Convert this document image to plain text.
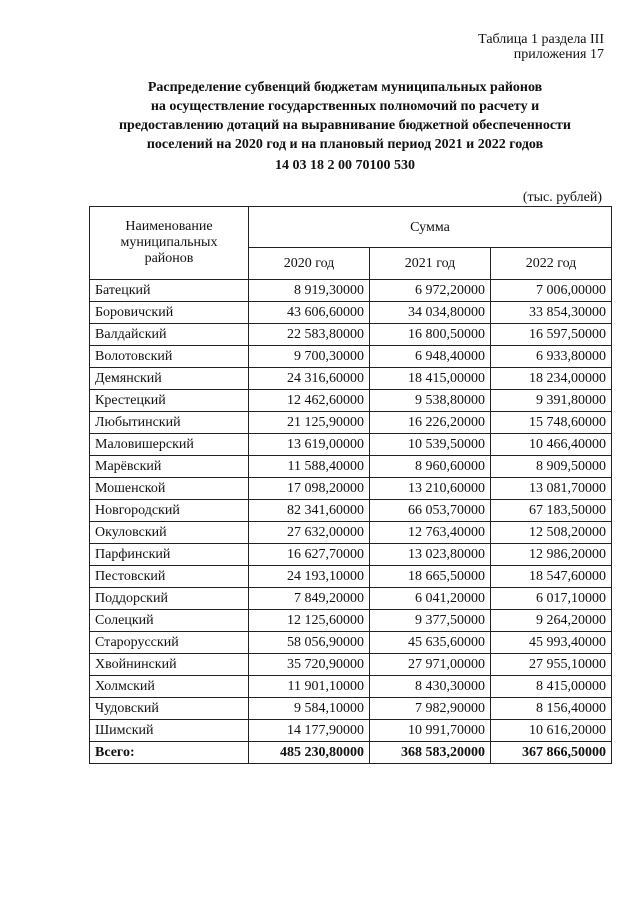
Таблица 1 раздела III
приложения 17
Распределение субвенций бюджетам муниципальных районов
на осуществление государственных полномочий по расчету и
предоставлению дотаций на выравнивание бюджетной обеспеченности
поселений на 2020 год и на плановый период 2021 и 2022 годов
14 03 18 2 00 70100 530
(тыс. рублей)
Наименование муниципальных районов	Сумма		
	2020 год	2021 год	2022 год
Батецкий	8 919,30000	6 972,20000	7 006,00000
Боровичский	43 606,60000	34 034,80000	33 854,30000
Валдайский	22 583,80000	16 800,50000	16 597,50000
Волотовский	9 700,30000	6 948,40000	6 933,80000
Демянский	24 316,60000	18 415,00000	18 234,00000
Крестецкий	12 462,60000	9 538,80000	9 391,80000
Любытинский	21 125,90000	16 226,20000	15 748,60000
Маловишерский	13 619,00000	10 539,50000	10 466,40000
Марёвский	11 588,40000	8 960,60000	8 909,50000
Мошенской	17 098,20000	13 210,60000	13 081,70000
Новгородский	82 341,60000	66 053,70000	67 183,50000
Окуловский	27 632,00000	12 763,40000	12 508,20000
Парфинский	16 627,70000	13 023,80000	12 986,20000
Пестовский	24 193,10000	18 665,50000	18 547,60000
Поддорский	7 849,20000	6 041,20000	6 017,10000
Солецкий	12 125,60000	9 377,50000	9 264,20000
Старорусский	58 056,90000	45 635,60000	45 993,40000
Хвойнинский	35 720,90000	27 971,00000	27 955,10000
Холмский	11 901,10000	8 430,30000	8 415,00000
Чудовский	9 584,10000	7 982,90000	8 156,40000
Шимский	14 177,90000	10 991,70000	10 616,20000
Всего:	485 230,80000	368 583,20000	367 866,50000
